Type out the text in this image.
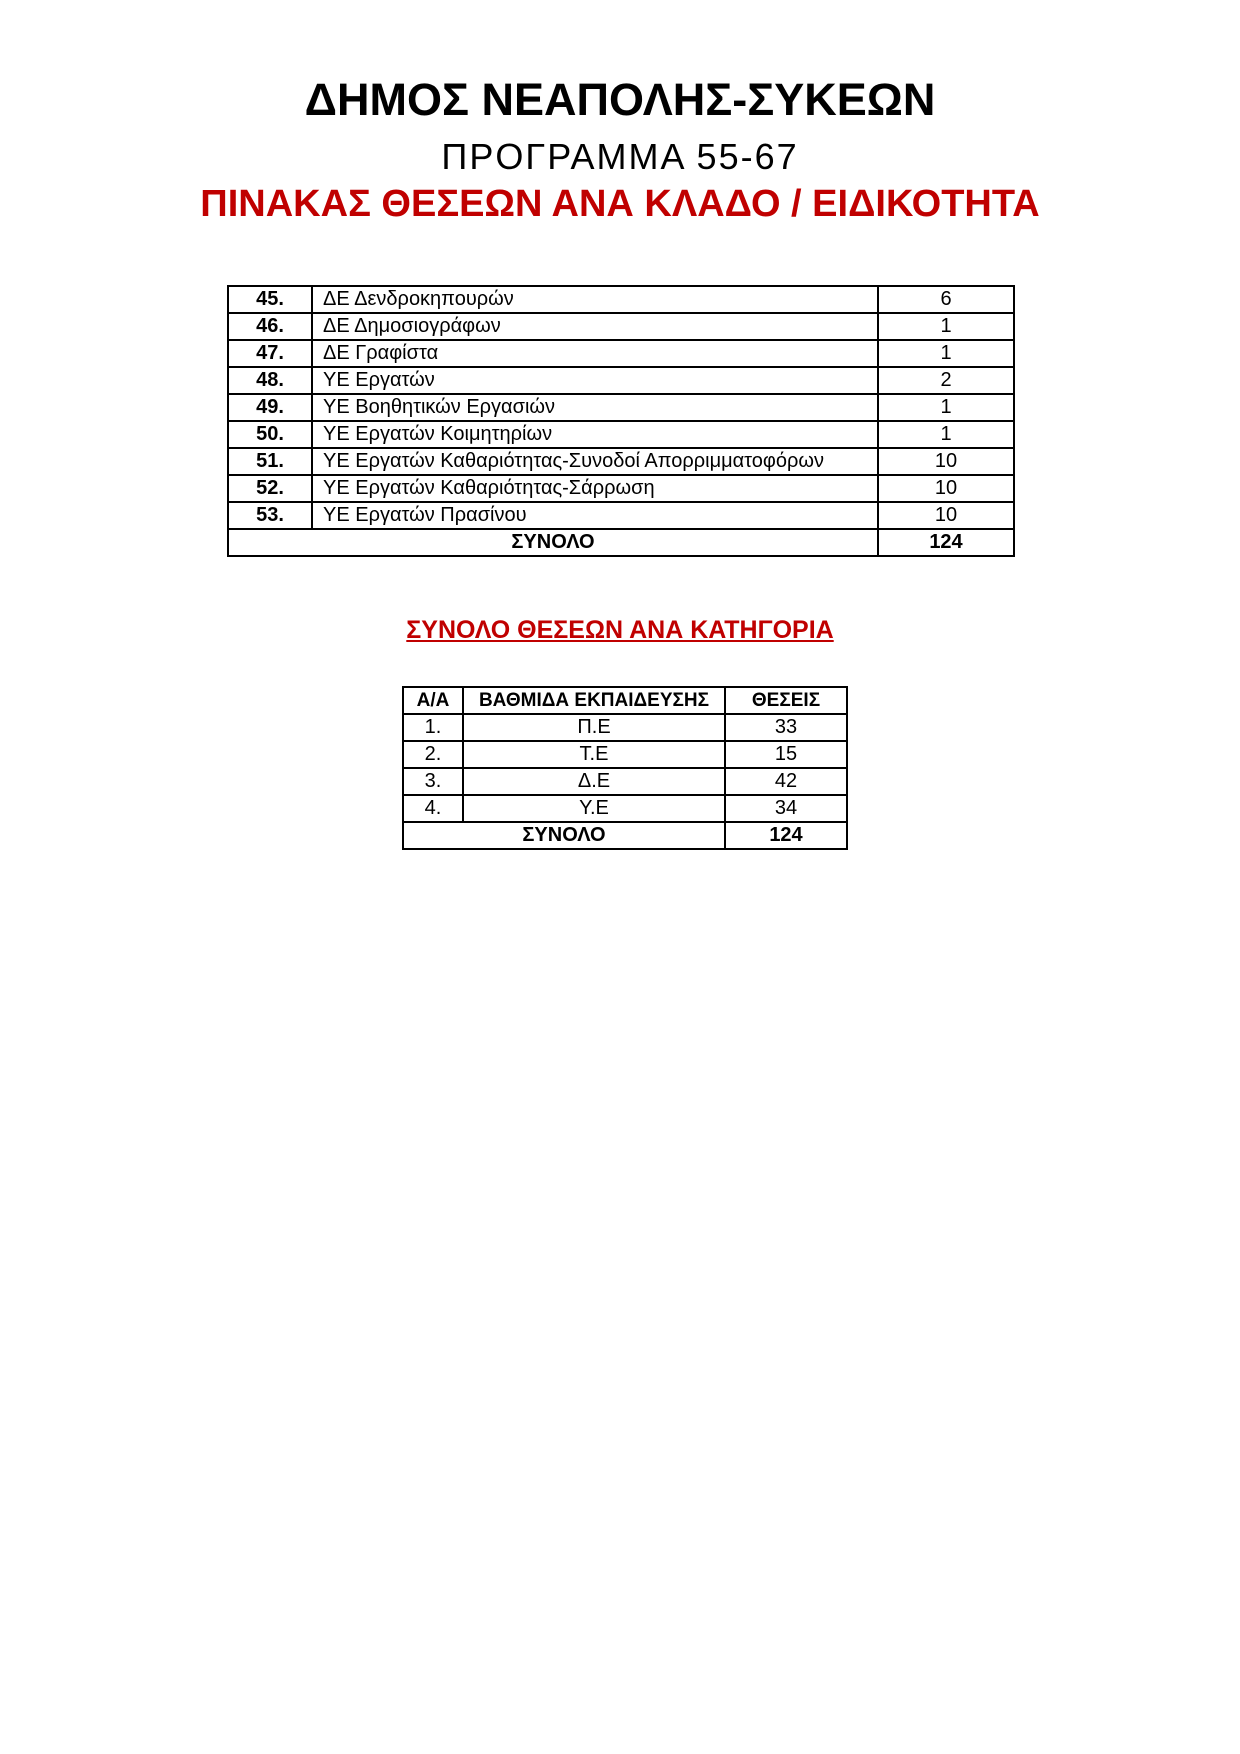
ΔΗΜΟΣ ΝΕΑΠΟΛΗΣ-ΣΥΚΕΩΝ
ΠΡΟΓΡΑΜΜΑ 55-67
ΠΙΝΑΚΑΣ ΘΕΣΕΩΝ ΑΝΑ ΚΛΑΔΟ / ΕΙΔΙΚΟΤΗΤΑ
45.	ΔΕ Δενδροκηπουρών	6
46.	ΔΕ Δημοσιογράφων	1
47.	ΔΕ Γραφίστα	1
48.	ΥΕ Εργατών	2
49.	ΥΕ Βοηθητικών Εργασιών	1
50.	ΥΕ Εργατών Κοιμητηρίων	1
51.	ΥΕ Εργατών Καθαριότητας-Συνοδοί Απορριμματοφόρων	10
52.	ΥΕ Εργατών Καθαριότητας-Σάρρωση	10
53.	ΥΕ Εργατών Πρασίνου	10
ΣΥΝΟΛΟ		124
ΣΥΝΟΛΟ ΘΕΣΕΩΝ ΑΝΑ ΚΑΤΗΓΟΡΙΑ
Α/Α	ΒΑΘΜΙΔΑ ΕΚΠΑΙΔΕΥΣΗΣ	ΘΕΣΕΙΣ
1.	Π.Ε	33
2.	Τ.Ε	15
3.	Δ.Ε	42
4.	Υ.Ε	34
ΣΥΝΟΛΟ		124
